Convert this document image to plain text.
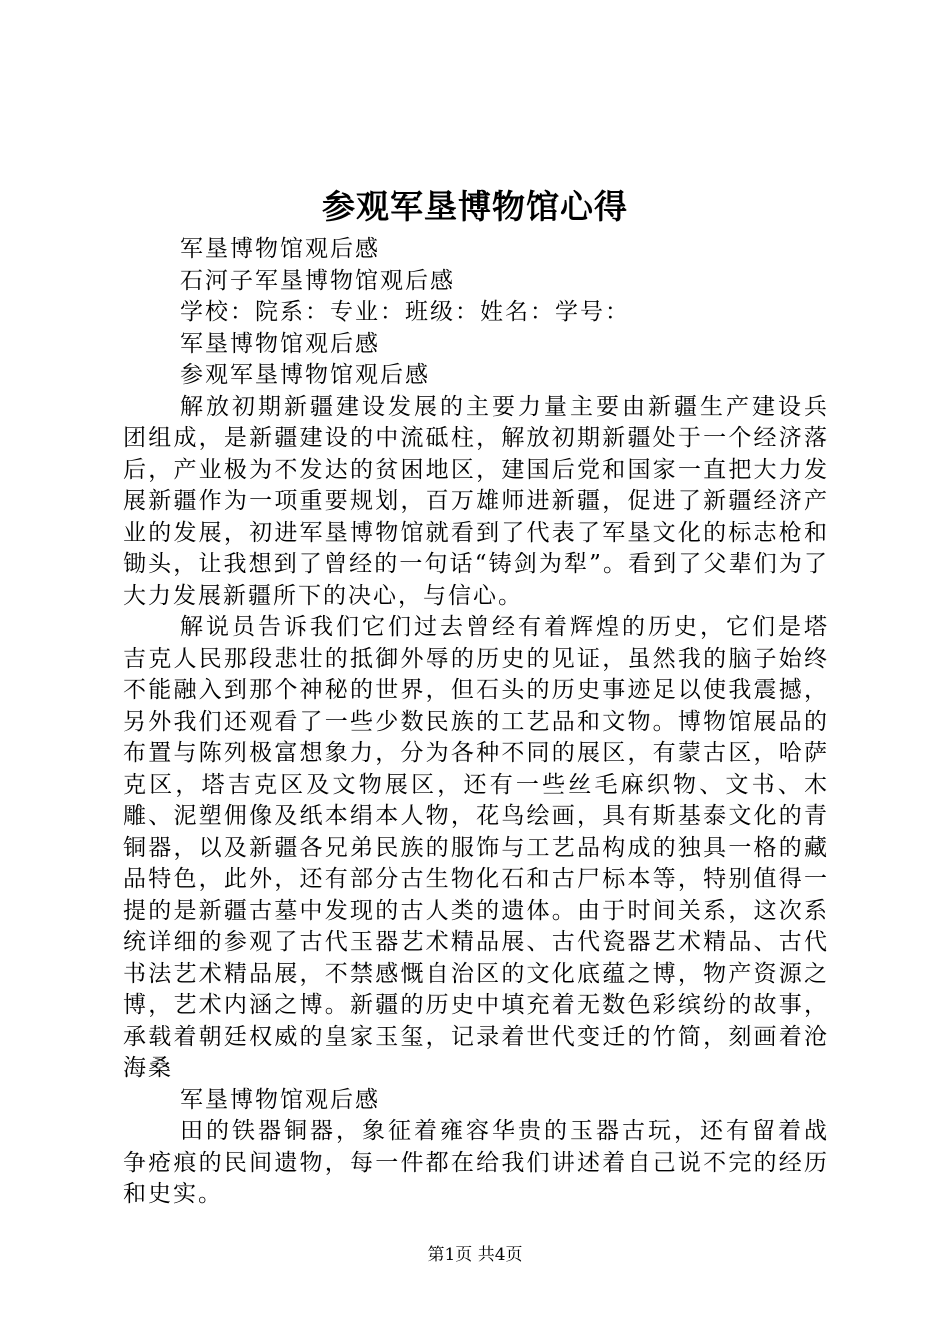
参观军垦博物馆心得

军垦博物馆观后感

石河子军垦博物馆观后感

学校：院系：专业：班级：姓名：学号：

军垦博物馆观后感

参观军垦博物馆观后感

解放初期新疆建设发展的主要力量主要由新疆生产建设兵团组成，是新疆建设的中流砥柱，解放初期新疆处于一个经济落后，产业极为不发达的贫困地区，建国后党和国家一直把大力发展新疆作为一项重要规划，百万雄师进新疆，促进了新疆经济产业的发展，初进军垦博物馆就看到了代表了军垦文化的标志枪和锄头，让我想到了曾经的一句话“铸剑为犁”。看到了父辈们为了大力发展新疆所下的决心，与信心。

解说员告诉我们它们过去曾经有着辉煌的历史，它们是塔吉克人民那段悲壮的抵御外辱的历史的见证，虽然我的脑子始终不能融入到那个神秘的世界，但石头的历史事迹足以使我震撼，另外我们还观看了一些少数民族的工艺品和文物。博物馆展品的布置与陈列极富想象力，分为各种不同的展区，有蒙古区，哈萨克区，塔吉克区及文物展区，还有一些丝毛麻织物、文书、木雕、泥塑佣像及纸本绢本人物，花鸟绘画，具有斯基泰文化的青铜器，以及新疆各兄弟民族的服饰与工艺品构成的独具一格的藏品特色，此外，还有部分古生物化石和古尸标本等，特别值得一提的是新疆古墓中发现的古人类的遗体。由于时间关系，这次系统详细的参观了古代玉器艺术精品展、古代瓷器艺术精品、古代书法艺术精品展，不禁感慨自治区的文化底蕴之博，物产资源之博，艺术内涵之博。新疆的历史中填充着无数色彩缤纷的故事，承载着朝廷权威的皇家玉玺，记录着世代变迁的竹简，刻画着沧海桑

军垦博物馆观后感

田的铁器铜器，象征着雍容华贵的玉器古玩，还有留着战争疮痕的民间遗物，每一件都在给我们讲述着自己说不完的经历和史实。

第1页 共4页
